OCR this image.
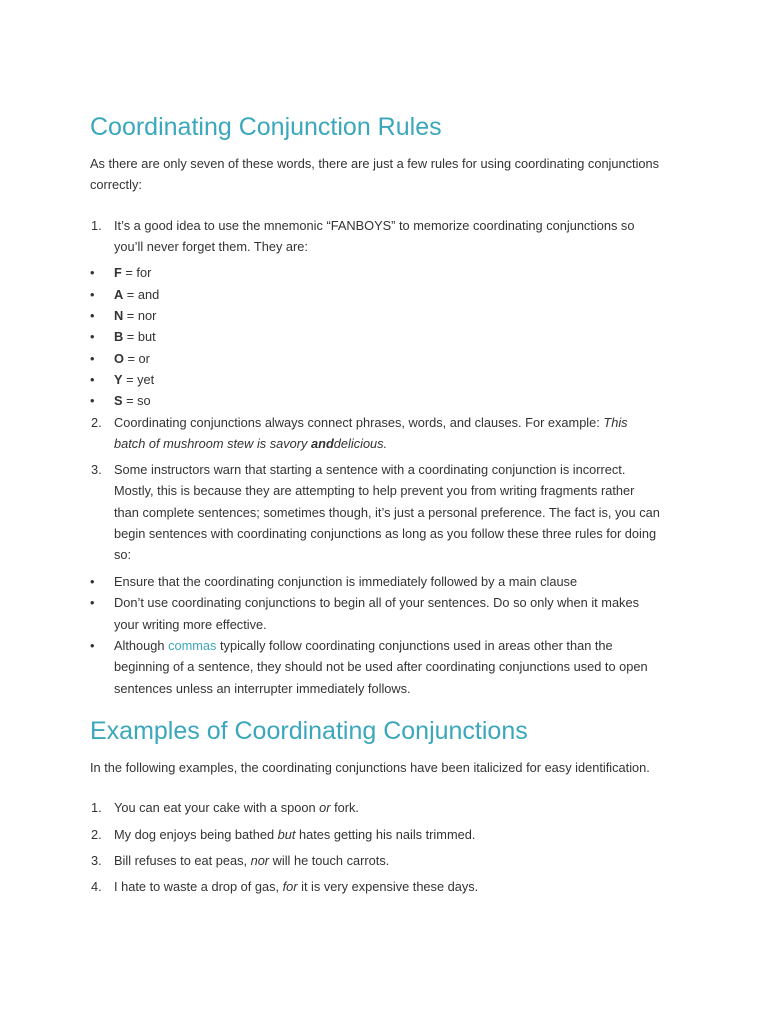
Coordinating Conjunction Rules
As there are only seven of these words, there are just a few rules for using coordinating conjunctions
correctly:
1. It’s a good idea to use the mnemonic “FANBOYS” to memorize coordinating conjunctions so
you’ll never forget them. They are:
• F = for
• A = and
• N = nor
• B = but
• O = or
• Y = yet
• S = so
2. Coordinating conjunctions always connect phrases, words, and clauses. For example: This
batch of mushroom stew is savory anddelicious.
3. Some instructors warn that starting a sentence with a coordinating conjunction is incorrect.
Mostly, this is because they are attempting to help prevent you from writing fragments rather
than complete sentences; sometimes though, it’s just a personal preference. The fact is, you can
begin sentences with coordinating conjunctions as long as you follow these three rules for doing
so:
• Ensure that the coordinating conjunction is immediately followed by a main clause
• Don’t use coordinating conjunctions to begin all of your sentences. Do so only when it makes
your writing more effective.
• Although commas typically follow coordinating conjunctions used in areas other than the
beginning of a sentence, they should not be used after coordinating conjunctions used to open
sentences unless an interrupter immediately follows.
Examples of Coordinating Conjunctions
In the following examples, the coordinating conjunctions have been italicized for easy identification.
1. You can eat your cake with a spoon or fork.
2. My dog enjoys being bathed but hates getting his nails trimmed.
3. Bill refuses to eat peas, nor will he touch carrots.
4. I hate to waste a drop of gas, for it is very expensive these days.
